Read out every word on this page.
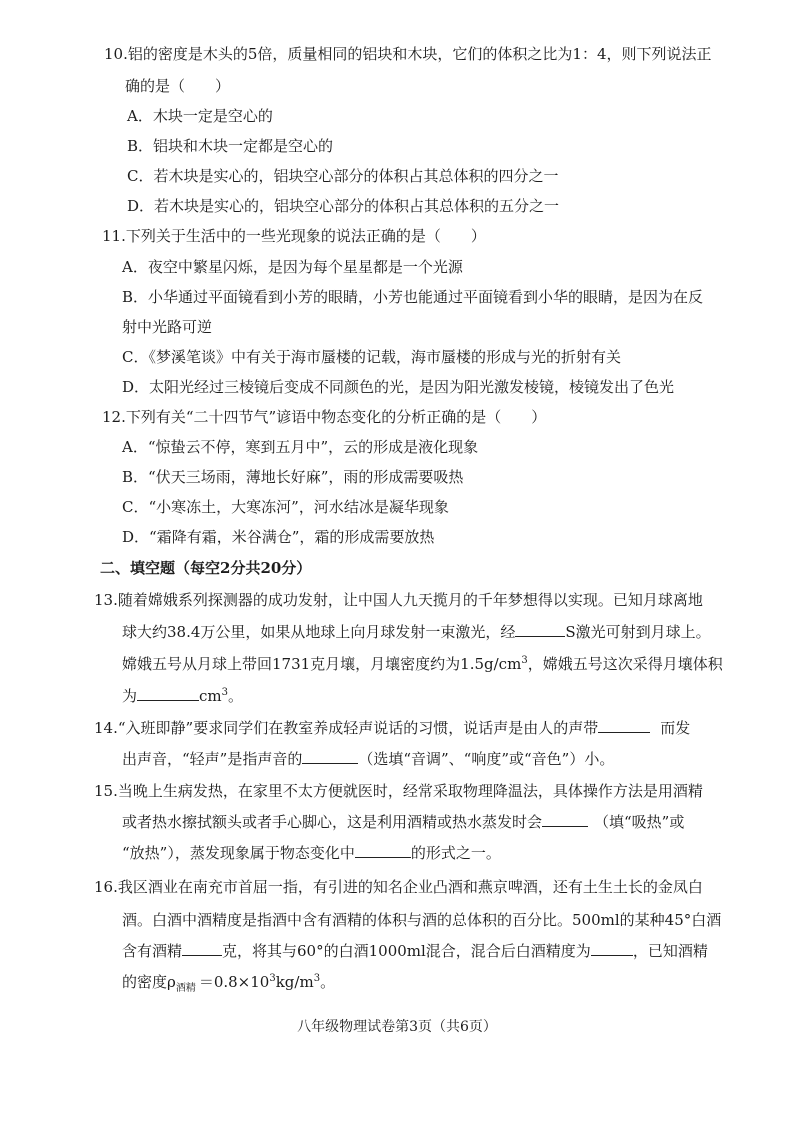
10.铝的密度是木头的5倍，质量相同的铝块和木块，它们的体积之比为1：4，则下列说法正
确的是（　　）
A．木块一定是空心的
B．铝块和木块一定都是空心的
C．若木块是实心的，铝块空心部分的体积占其总体积的四分之一
D．若木块是实心的，铝块空心部分的体积占其总体积的五分之一
11.下列关于生活中的一些光现象的说法正确的是（　　）
A．夜空中繁星闪烁，是因为每个星星都是一个光源
B．小华通过平面镜看到小芳的眼睛，小芳也能通过平面镜看到小华的眼睛，是因为在反
射中光路可逆
C．《梦溪笔谈》中有关于海市蜃楼的记载，海市蜃楼的形成与光的折射有关
D．太阳光经过三棱镜后变成不同颜色的光，是因为阳光激发棱镜，棱镜发出了色光
12.下列有关“二十四节气”谚语中物态变化的分析正确的是（　　）
A．“惊蛰云不停，寒到五月中”，云的形成是液化现象
B．“伏天三场雨，薄地长好麻”，雨的形成需要吸热
C．“小寒冻土，大寒冻河”，河水结冰是凝华现象
D．“霜降有霜，米谷满仓”，霜的形成需要放热
二、填空题（每空2分共20分）
13.随着嫦娥系列探测器的成功发射，让中国人九天揽月的千年梦想得以实现。已知月球离地
球大约38.4万公里，如果从地球上向月球发射一束激光，经	S激光可射到月球上。
嫦娥五号从月球上带回1731克月壤，月壤密度约为$1.5g/cm^3$，嫦娥五号这次采得月壤体积
为	$cm^3$。
14.“入班即静”要求同学们在教室养成轻声说话的习惯，说话声是由人的声带	而发
出声音，“轻声”是指声音的	（选填“音调”、“响度”或“音色”）小。
15.当晚上生病发热，在家里不太方便就医时，经常采取物理降温法，具体操作方法是用酒精
或者热水擦拭额头或者手心脚心，这是利用酒精或热水蒸发时会	（填“吸热”或
“放热”），蒸发现象属于物态变化中	的形式之一。
16.我区酒业在南充市首屈一指，有引进的知名企业凸酒和燕京啤酒，还有土生土长的金凤白
酒。白酒中酒精度是指酒中含有酒精的体积与酒的总体积的百分比。500ml的某种45°白酒
含有酒精	克，将其与60°的白酒1000ml混合，混合后白酒精度为	，已知酒精
的密度$\rho_{酒精} =0.8\times 10^3kg/m^3$。
八年级物理试卷第3页（共6页）
